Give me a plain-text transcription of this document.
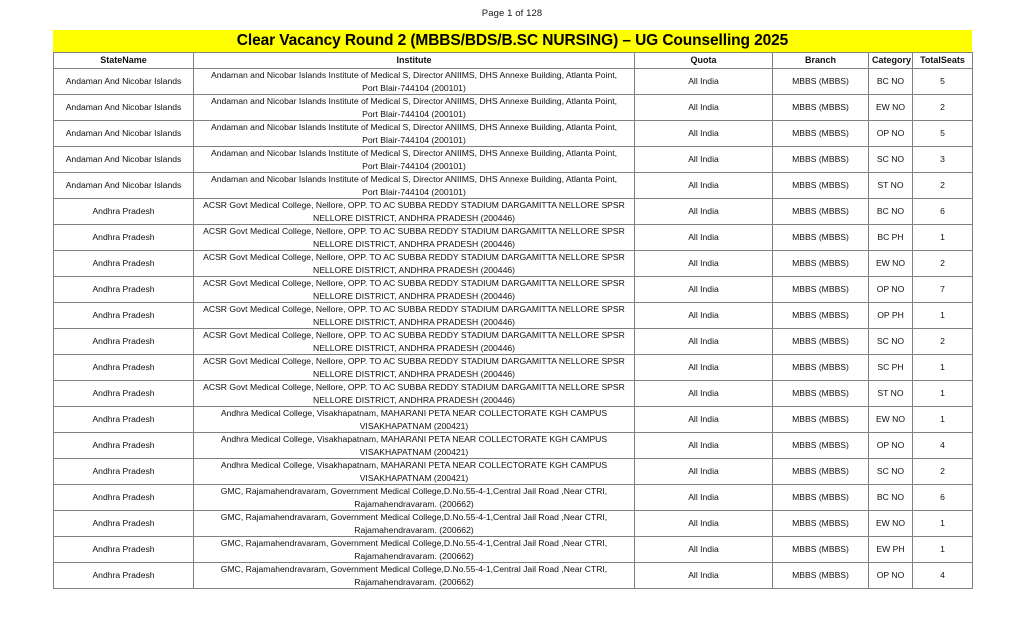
Page 1 of 128
Clear Vacancy Round 2 (MBBS/BDS/B.SC NURSING) – UG Counselling 2025
StateName	Institute	Quota	Branch	Category	TotalSeats
Andaman And Nicobar Islands	Andaman and Nicobar Islands Institute of Medical S, Director ANIIMS, DHS Annexe Building, Atlanta Point,
Port Blair-744104 (200101)	All India	MBBS (MBBS)	BC NO	5
Andaman And Nicobar Islands	Andaman and Nicobar Islands Institute of Medical S, Director ANIIMS, DHS Annexe Building, Atlanta Point,
Port Blair-744104 (200101)	All India	MBBS (MBBS)	EW NO	2
Andaman And Nicobar Islands	Andaman and Nicobar Islands Institute of Medical S, Director ANIIMS, DHS Annexe Building, Atlanta Point,
Port Blair-744104 (200101)	All India	MBBS (MBBS)	OP NO	5
Andaman And Nicobar Islands	Andaman and Nicobar Islands Institute of Medical S, Director ANIIMS, DHS Annexe Building, Atlanta Point,
Port Blair-744104 (200101)	All India	MBBS (MBBS)	SC NO	3
Andaman And Nicobar Islands	Andaman and Nicobar Islands Institute of Medical S, Director ANIIMS, DHS Annexe Building, Atlanta Point,
Port Blair-744104 (200101)	All India	MBBS (MBBS)	ST NO	2
Andhra Pradesh	ACSR Govt Medical College, Nellore, OPP. TO AC SUBBA REDDY STADIUM DARGAMITTA NELLORE SPSR
NELLORE DISTRICT, ANDHRA PRADESH (200446)	All India	MBBS (MBBS)	BC NO	6
Andhra Pradesh	ACSR Govt Medical College, Nellore, OPP. TO AC SUBBA REDDY STADIUM DARGAMITTA NELLORE SPSR
NELLORE DISTRICT, ANDHRA PRADESH (200446)	All India	MBBS (MBBS)	BC PH	1
Andhra Pradesh	ACSR Govt Medical College, Nellore, OPP. TO AC SUBBA REDDY STADIUM DARGAMITTA NELLORE SPSR
NELLORE DISTRICT, ANDHRA PRADESH (200446)	All India	MBBS (MBBS)	EW NO	2
Andhra Pradesh	ACSR Govt Medical College, Nellore, OPP. TO AC SUBBA REDDY STADIUM DARGAMITTA NELLORE SPSR
NELLORE DISTRICT, ANDHRA PRADESH (200446)	All India	MBBS (MBBS)	OP NO	7
Andhra Pradesh	ACSR Govt Medical College, Nellore, OPP. TO AC SUBBA REDDY STADIUM DARGAMITTA NELLORE SPSR
NELLORE DISTRICT, ANDHRA PRADESH (200446)	All India	MBBS (MBBS)	OP PH	1
Andhra Pradesh	ACSR Govt Medical College, Nellore, OPP. TO AC SUBBA REDDY STADIUM DARGAMITTA NELLORE SPSR
NELLORE DISTRICT, ANDHRA PRADESH (200446)	All India	MBBS (MBBS)	SC NO	2
Andhra Pradesh	ACSR Govt Medical College, Nellore, OPP. TO AC SUBBA REDDY STADIUM DARGAMITTA NELLORE SPSR
NELLORE DISTRICT, ANDHRA PRADESH (200446)	All India	MBBS (MBBS)	SC PH	1
Andhra Pradesh	ACSR Govt Medical College, Nellore, OPP. TO AC SUBBA REDDY STADIUM DARGAMITTA NELLORE SPSR
NELLORE DISTRICT, ANDHRA PRADESH (200446)	All India	MBBS (MBBS)	ST NO	1
Andhra Pradesh	Andhra Medical College, Visakhapatnam, MAHARANI PETA NEAR COLLECTORATE KGH CAMPUS
VISAKHAPATNAM (200421)	All India	MBBS (MBBS)	EW NO	1
Andhra Pradesh	Andhra Medical College, Visakhapatnam, MAHARANI PETA NEAR COLLECTORATE KGH CAMPUS
VISAKHAPATNAM (200421)	All India	MBBS (MBBS)	OP NO	4
Andhra Pradesh	Andhra Medical College, Visakhapatnam, MAHARANI PETA NEAR COLLECTORATE KGH CAMPUS
VISAKHAPATNAM (200421)	All India	MBBS (MBBS)	SC NO	2
Andhra Pradesh	GMC, Rajamahendravaram, Government Medical College,D.No.55-4-1,Central Jail Road ,Near CTRI,
Rajamahendravaram. (200662)	All India	MBBS (MBBS)	BC NO	6
Andhra Pradesh	GMC, Rajamahendravaram, Government Medical College,D.No.55-4-1,Central Jail Road ,Near CTRI,
Rajamahendravaram. (200662)	All India	MBBS (MBBS)	EW NO	1
Andhra Pradesh	GMC, Rajamahendravaram, Government Medical College,D.No.55-4-1,Central Jail Road ,Near CTRI,
Rajamahendravaram. (200662)	All India	MBBS (MBBS)	EW PH	1
Andhra Pradesh	GMC, Rajamahendravaram, Government Medical College,D.No.55-4-1,Central Jail Road ,Near CTRI,
Rajamahendravaram. (200662)	All India	MBBS (MBBS)	OP NO	4
